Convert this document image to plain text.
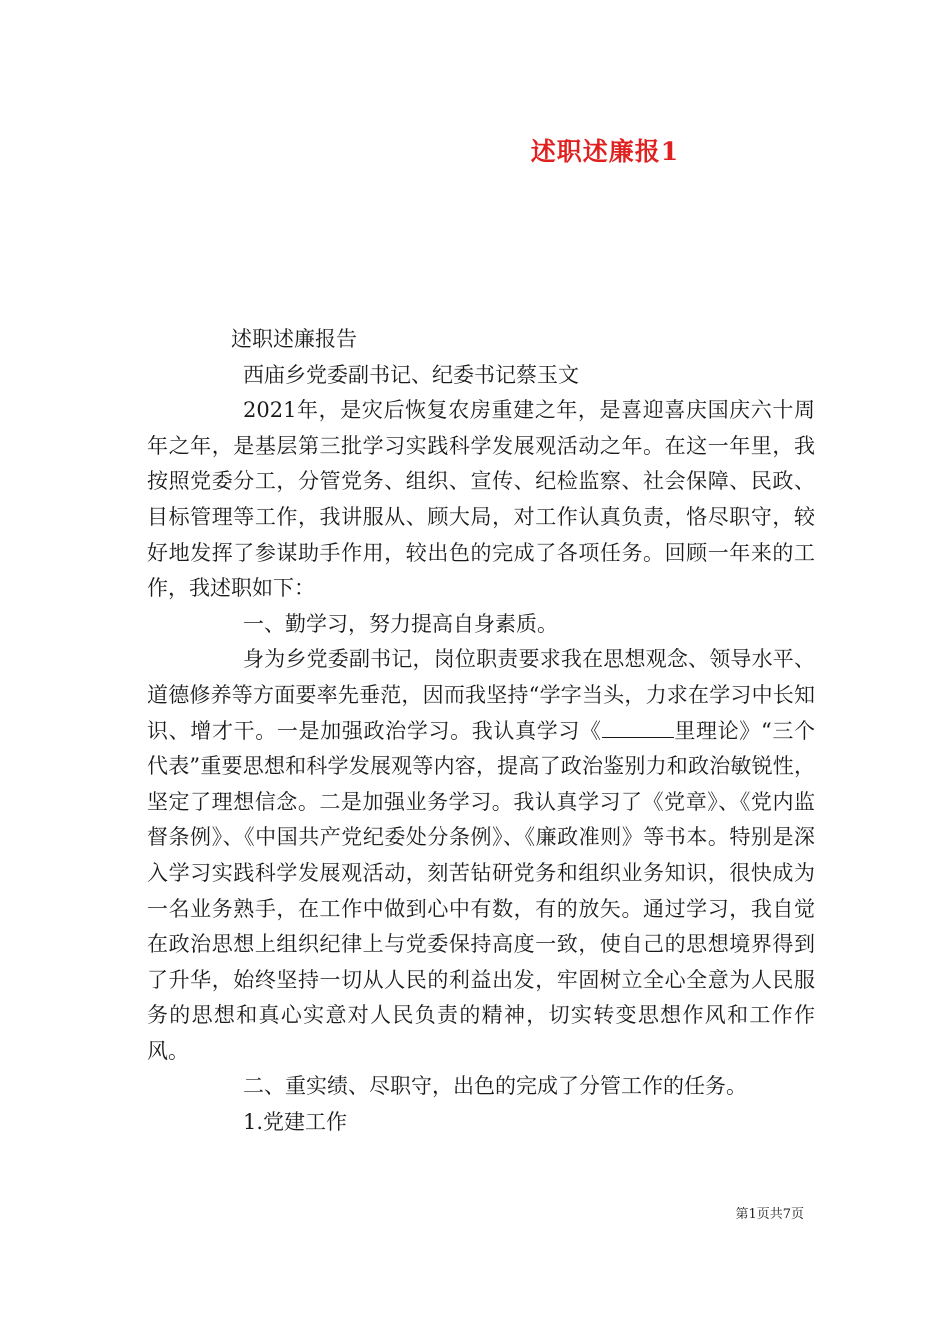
述职述廉报1

述职述廉报告

西庙乡党委副书记、纪委书记蔡玉文

2021年，是灾后恢复农房重建之年，是喜迎喜庆国庆六十周年之年，是基层第三批学习实践科学发展观活动之年。在这一年里，我按照党委分工，分管党务、组织、宣传、纪检监察、社会保障、民政、目标管理等工作，我讲服从、顾大局，对工作认真负责，恪尽职守，较好地发挥了参谋助手作用，较出色的完成了各项任务。回顾一年来的工作，我述职如下：

一、勤学习，努力提高自身素质。

身为乡党委副书记，岗位职责要求我在思想观念、领导水平、道德修养等方面要率先垂范，因而我坚持“学字当头，力求在学习中长知识、增才干。一是加强政治学习。我认真学习《	里理论》“三个代表”重要思想和科学发展观等内容，提高了政治鉴别力和政治敏锐性，坚定了理想信念。二是加强业务学习。我认真学习了《党章》、《党内监督条例》、《中国共产党纪委处分条例》、《廉政准则》等书本。特别是深入学习实践科学发展观活动，刻苦钻研党务和组织业务知识，很快成为一名业务熟手，在工作中做到心中有数，有的放矢。通过学习，我自觉在政治思想上组织纪律上与党委保持高度一致，使自己的思想境界得到了升华，始终坚持一切从人民的利益出发，牢固树立全心全意为人民服务的思想和真心实意对人民负责的精神，切实转变思想作风和工作作风。

二、重实绩、尽职守，出色的完成了分管工作的任务。

1.党建工作

第1页共7页
